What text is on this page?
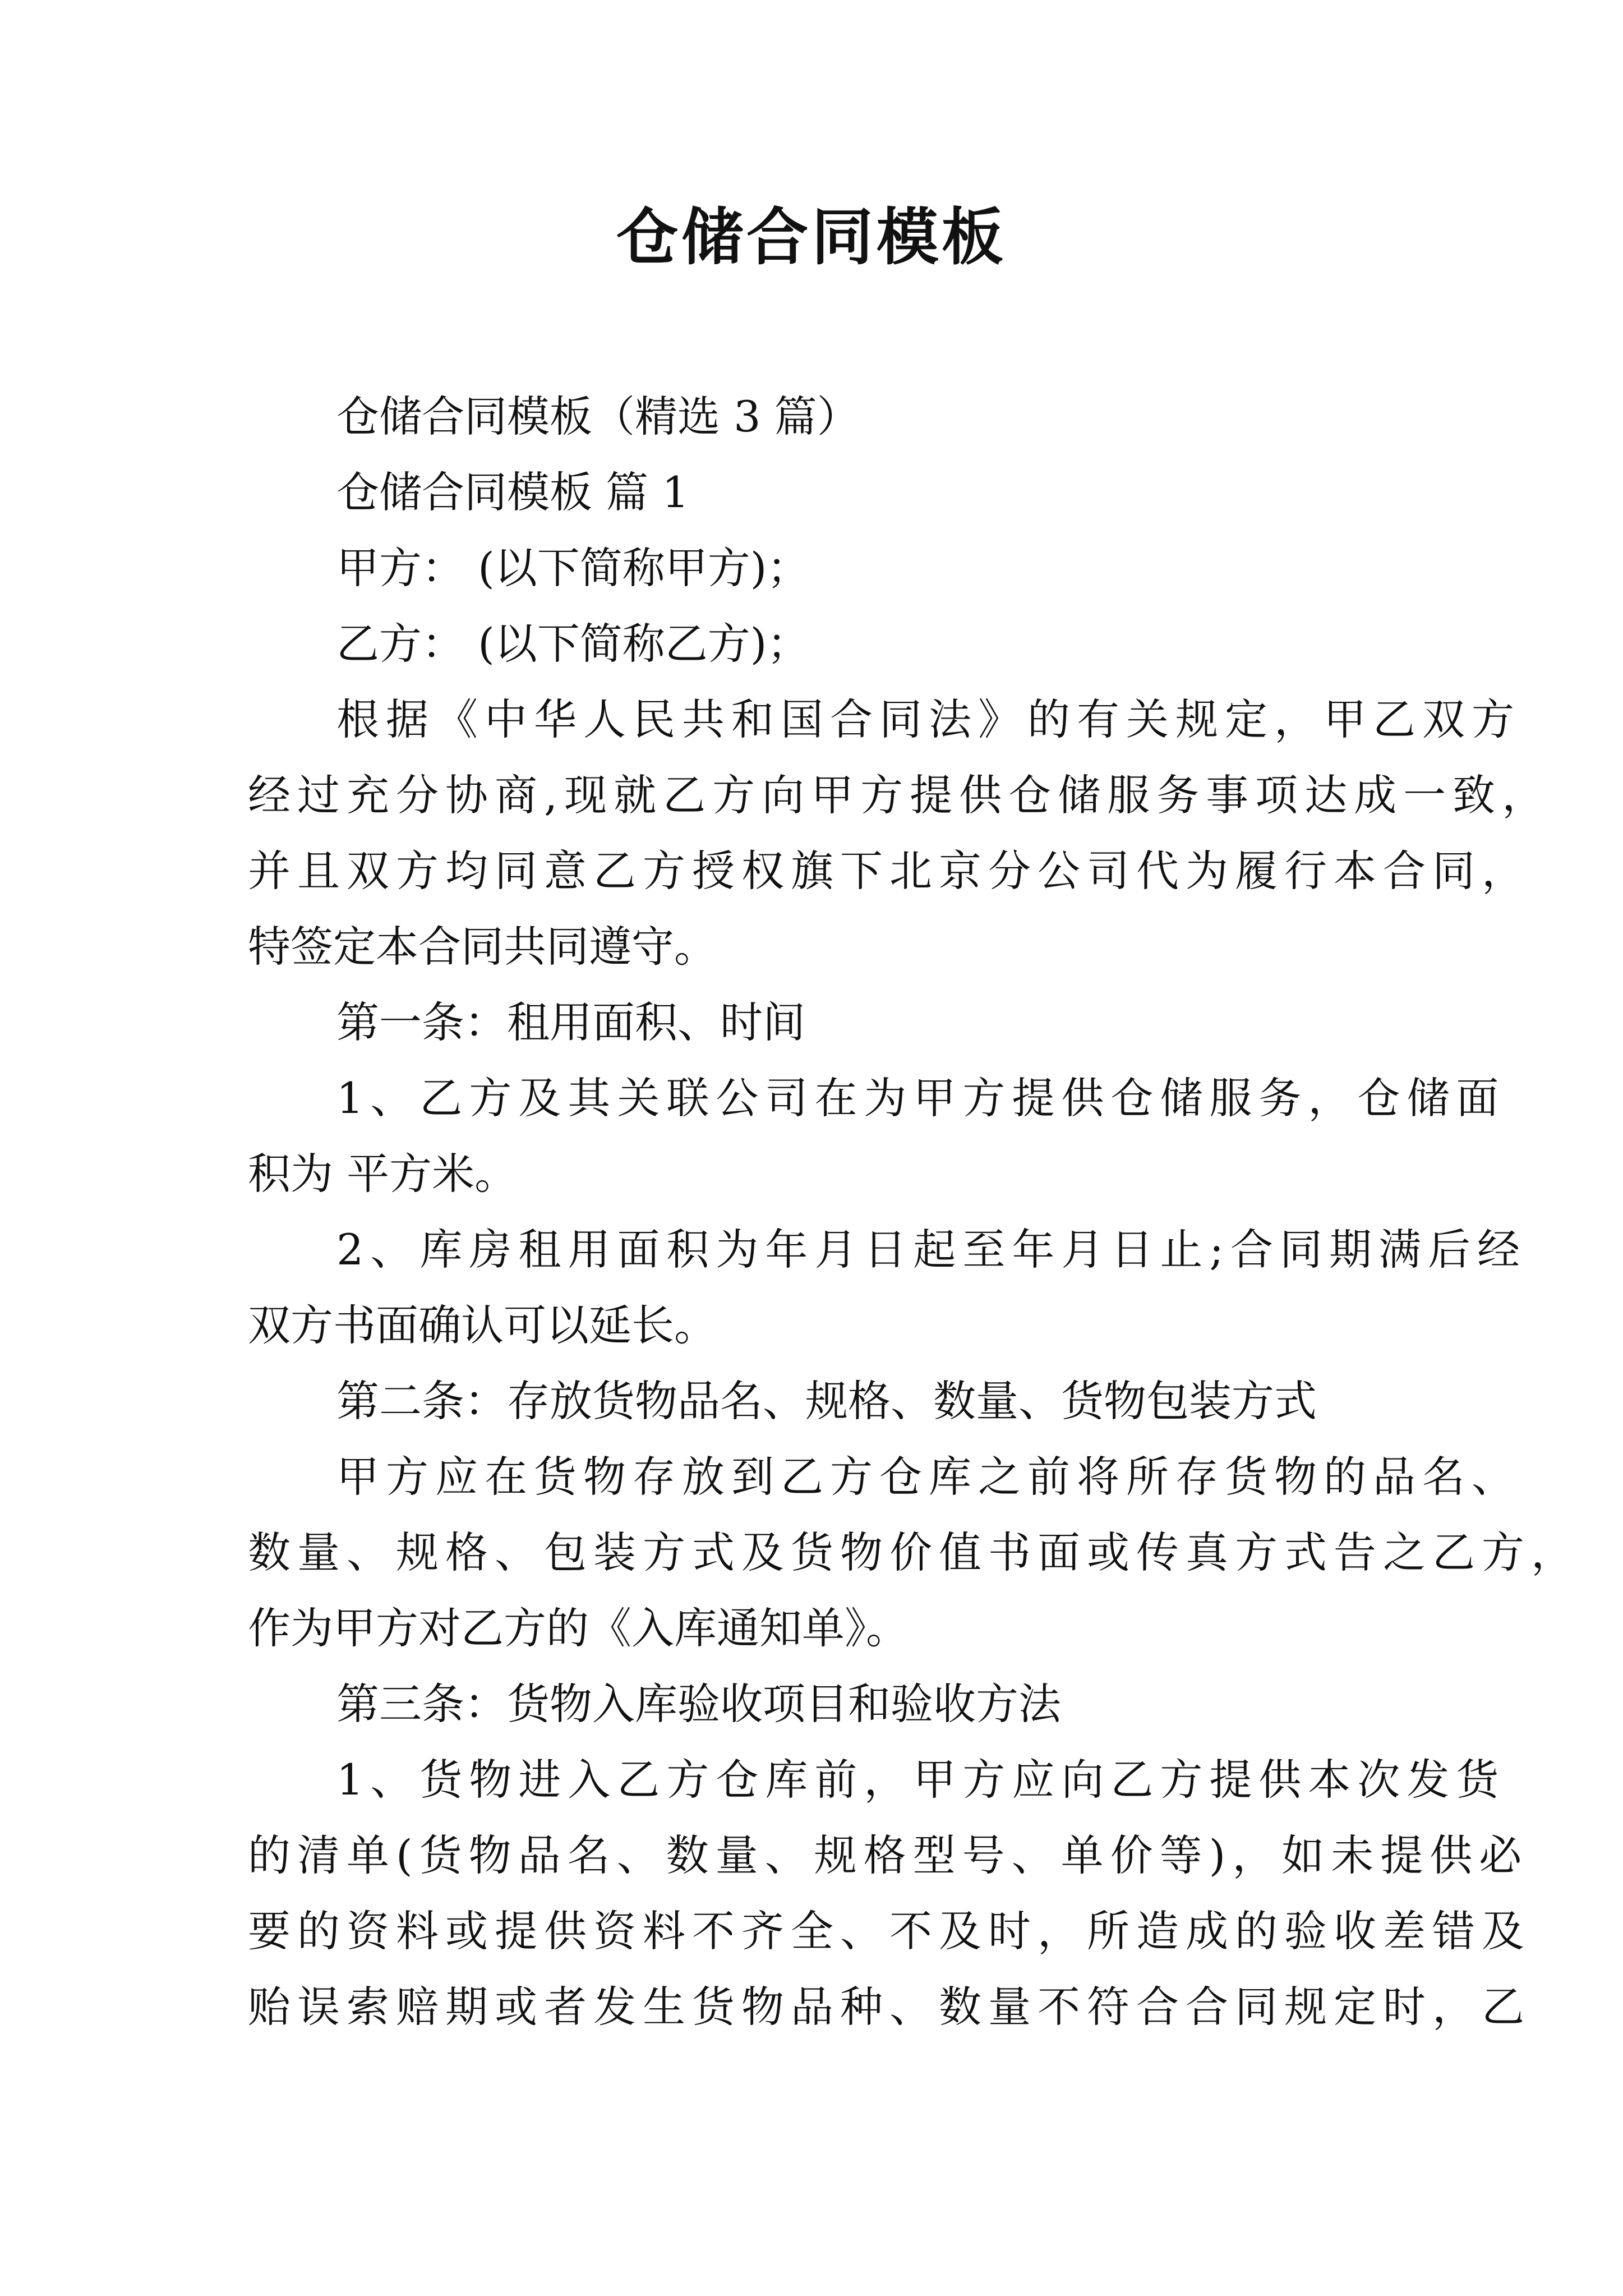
仓储合同模板
仓储合同模板（精选 3 篇）
仓储合同模板 篇 1
甲方： (以下简称甲方)；
乙方： (以下简称乙方)；
根据《中华人民共和国合同法》的有关规定，甲乙双方
经过充分协商,现就乙方向甲方提供仓储服务事项达成一致，
并且双方均同意乙方授权旗下北京分公司代为履行本合同，
特签定本合同共同遵守。
第一条：租用面积、时间
1、乙方及其关联公司在为甲方提供仓储服务，仓储面
积为 平方米。
2、库房租用面积为年月日起至年月日止;合同期满后经
双方书面确认可以延长。
第二条：存放货物品名、规格、数量、货物包装方式
甲方应在货物存放到乙方仓库之前将所存货物的品名、
数量、规格、包装方式及货物价值书面或传真方式告之乙方，
作为甲方对乙方的《入库通知单》。
第三条：货物入库验收项目和验收方法
1、货物进入乙方仓库前，甲方应向乙方提供本次发货
的清单(货物品名、数量、规格型号、单价等)，如未提供必
要的资料或提供资料不齐全、不及时，所造成的验收差错及
贻误索赔期或者发生货物品种、数量不符合合同规定时，乙
